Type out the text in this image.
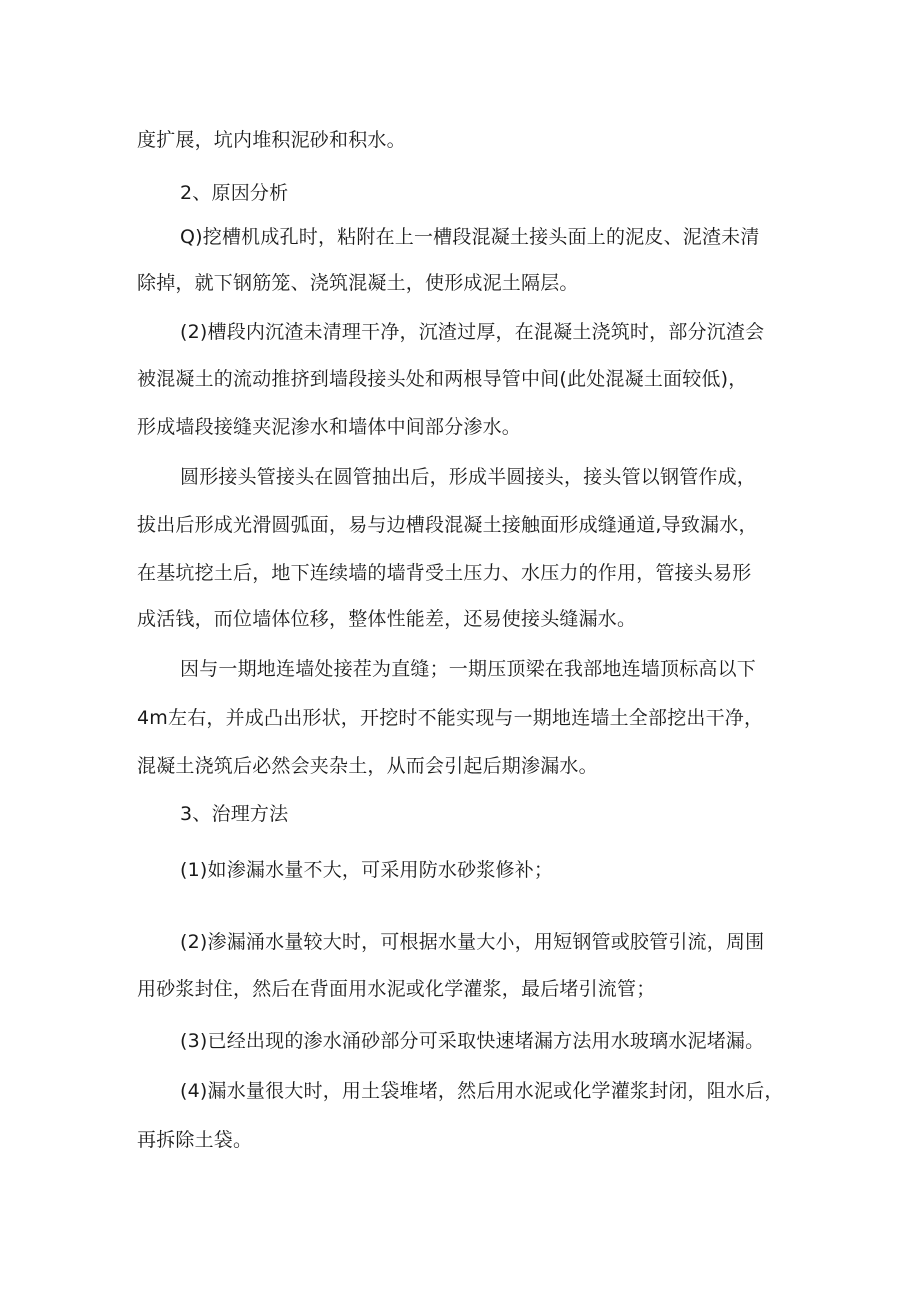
度扩展，坑内堆积泥砂和积水。
2、原因分析
Q)挖槽机成孔时，粘附在上一槽段混凝土接头面上的泥皮、泥渣未清
除掉，就下钢筋笼、浇筑混凝土，使形成泥土隔层。
(2)槽段内沉渣未清理干净，沉渣过厚，在混凝土浇筑时，部分沉渣会
被混凝土的流动推挤到墙段接头处和两根导管中间(此处混凝土面较低)，
形成墙段接缝夹泥渗水和墙体中间部分渗水。
圆形接头管接头在圆管抽出后，形成半圆接头，接头管以钢管作成，
拔出后形成光滑圆弧面，易与边槽段混凝土接触面形成缝通道,导致漏水，
在基坑挖土后，地下连续墙的墙背受土压力、水压力的作用，管接头易形
成活钱，而位墙体位移，整体性能差，还易使接头缝漏水。
因与一期地连墙处接茬为直缝；一期压顶梁在我部地连墙顶标高以下
4m左右，并成凸出形状，开挖时不能实现与一期地连墙土全部挖出干净，
混凝土浇筑后必然会夹杂土，从而会引起后期渗漏水。
3、治理方法
(1)如渗漏水量不大，可采用防水砂浆修补；
(2)渗漏涌水量较大时，可根据水量大小，用短钢管或胶管引流，周围
用砂浆封住，然后在背面用水泥或化学灌浆，最后堵引流管；
(3)已经出现的渗水涌砂部分可采取快速堵漏方法用水玻璃水泥堵漏。
(4)漏水量很大时，用土袋堆堵，然后用水泥或化学灌浆封闭，阻水后，
再拆除土袋。
